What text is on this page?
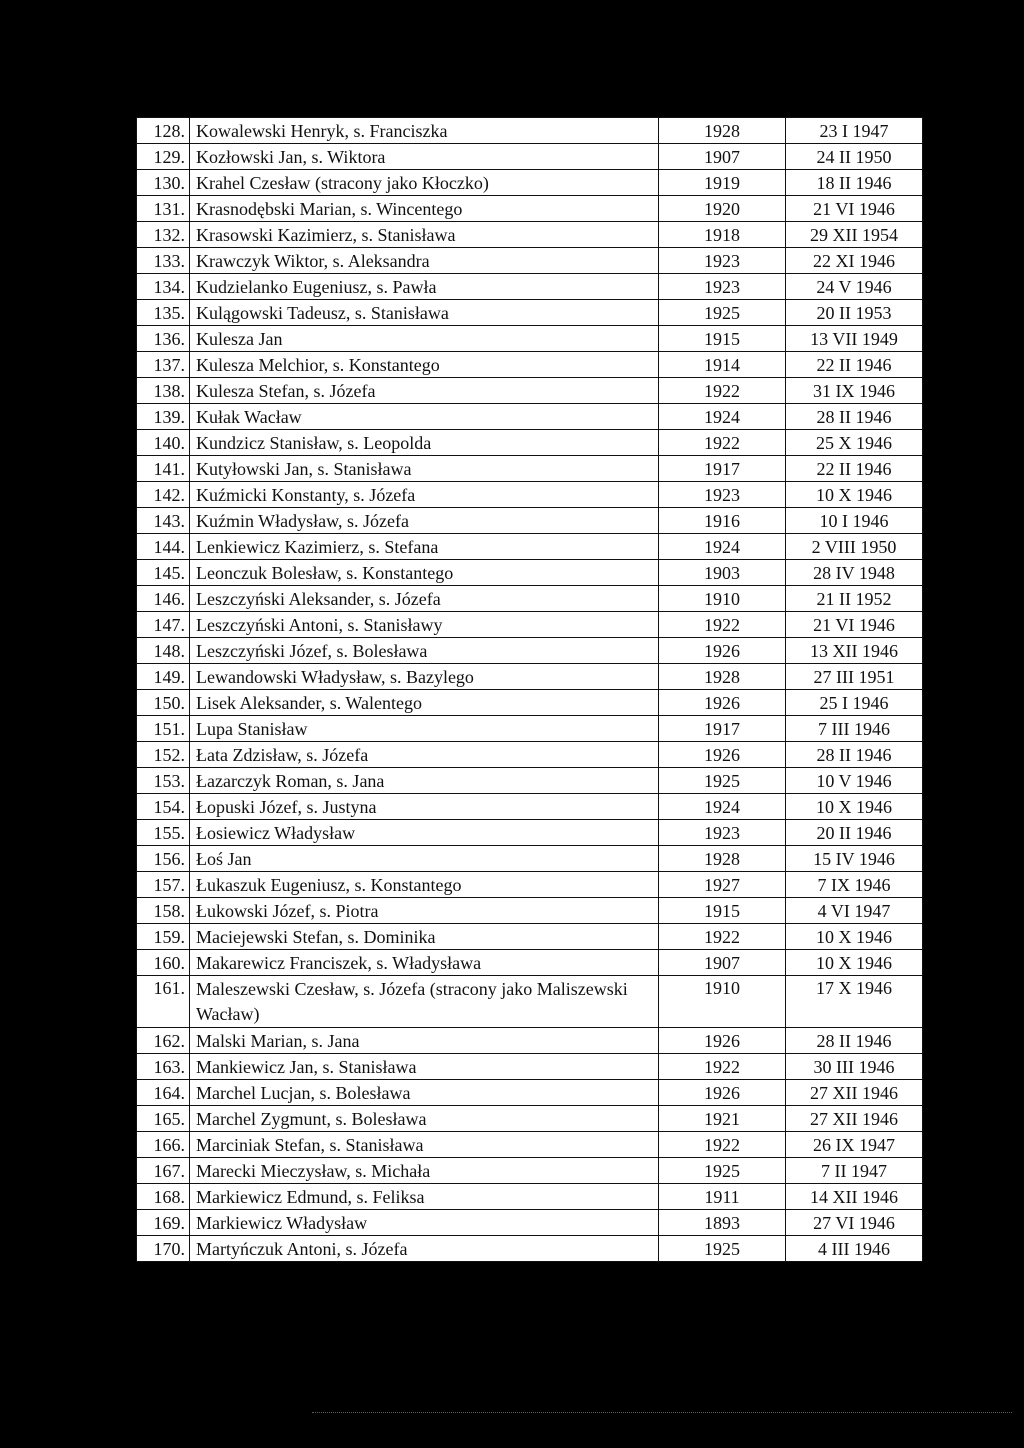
128.	Kowalewski Henryk, s. Franciszka	1928	23 I 1947
129.	Kozłowski Jan, s. Wiktora	1907	24 II 1950
130.	Krahel Czesław (stracony jako Kłoczko)	1919	18 II 1946
131.	Krasnodębski Marian, s. Wincentego	1920	21 VI 1946
132.	Krasowski Kazimierz, s. Stanisława	1918	29 XII 1954
133.	Krawczyk Wiktor, s. Aleksandra	1923	22 XI 1946
134.	Kudzielanko Eugeniusz, s. Pawła	1923	24 V 1946
135.	Kulągowski Tadeusz, s. Stanisława	1925	20 II 1953
136.	Kulesza Jan	1915	13 VII 1949
137.	Kulesza Melchior, s. Konstantego	1914	22 II 1946
138.	Kulesza Stefan, s. Józefa	1922	31 IX 1946
139.	Kułak Wacław	1924	28 II 1946
140.	Kundzicz Stanisław, s. Leopolda	1922	25 X 1946
141.	Kutyłowski Jan, s. Stanisława	1917	22 II 1946
142.	Kuźmicki Konstanty, s. Józefa	1923	10 X 1946
143.	Kuźmin Władysław, s. Józefa	1916	10 I 1946
144.	Lenkiewicz Kazimierz, s. Stefana	1924	2 VIII 1950
145.	Leonczuk Bolesław, s. Konstantego	1903	28 IV 1948
146.	Leszczyński Aleksander, s. Józefa	1910	21 II 1952
147.	Leszczyński Antoni, s. Stanisławy	1922	21 VI 1946
148.	Leszczyński Józef, s. Bolesława	1926	13 XII 1946
149.	Lewandowski Władysław, s. Bazylego	1928	27 III 1951
150.	Lisek Aleksander, s. Walentego	1926	25 I 1946
151.	Lupa Stanisław	1917	7 III 1946
152.	Łata Zdzisław, s. Józefa	1926	28 II 1946
153.	Łazarczyk Roman, s. Jana	1925	10 V 1946
154.	Łopuski Józef, s. Justyna	1924	10 X 1946
155.	Łosiewicz Władysław	1923	20 II 1946
156.	Łoś Jan	1928	15 IV 1946
157.	Łukaszuk Eugeniusz, s. Konstantego	1927	7 IX 1946
158.	Łukowski Józef, s. Piotra	1915	4 VI 1947
159.	Maciejewski Stefan, s. Dominika	1922	10 X 1946
160.	Makarewicz Franciszek, s. Władysława	1907	10 X 1946
161.	Maleszewski Czesław, s. Józefa (stracony jako Maliszewski Wacław)	1910	17 X 1946
162.	Malski Marian, s. Jana	1926	28 II 1946
163.	Mankiewicz Jan, s. Stanisława	1922	30 III 1946
164.	Marchel Lucjan, s. Bolesława	1926	27 XII 1946
165.	Marchel Zygmunt, s. Bolesława	1921	27 XII 1946
166.	Marciniak Stefan, s. Stanisława	1922	26 IX 1947
167.	Marecki Mieczysław, s. Michała	1925	7 II 1947
168.	Markiewicz Edmund, s. Feliksa	1911	14 XII 1946
169.	Markiewicz Władysław	1893	27 VI 1946
170.	Martyńczuk Antoni, s. Józefa	1925	4 III 1946
